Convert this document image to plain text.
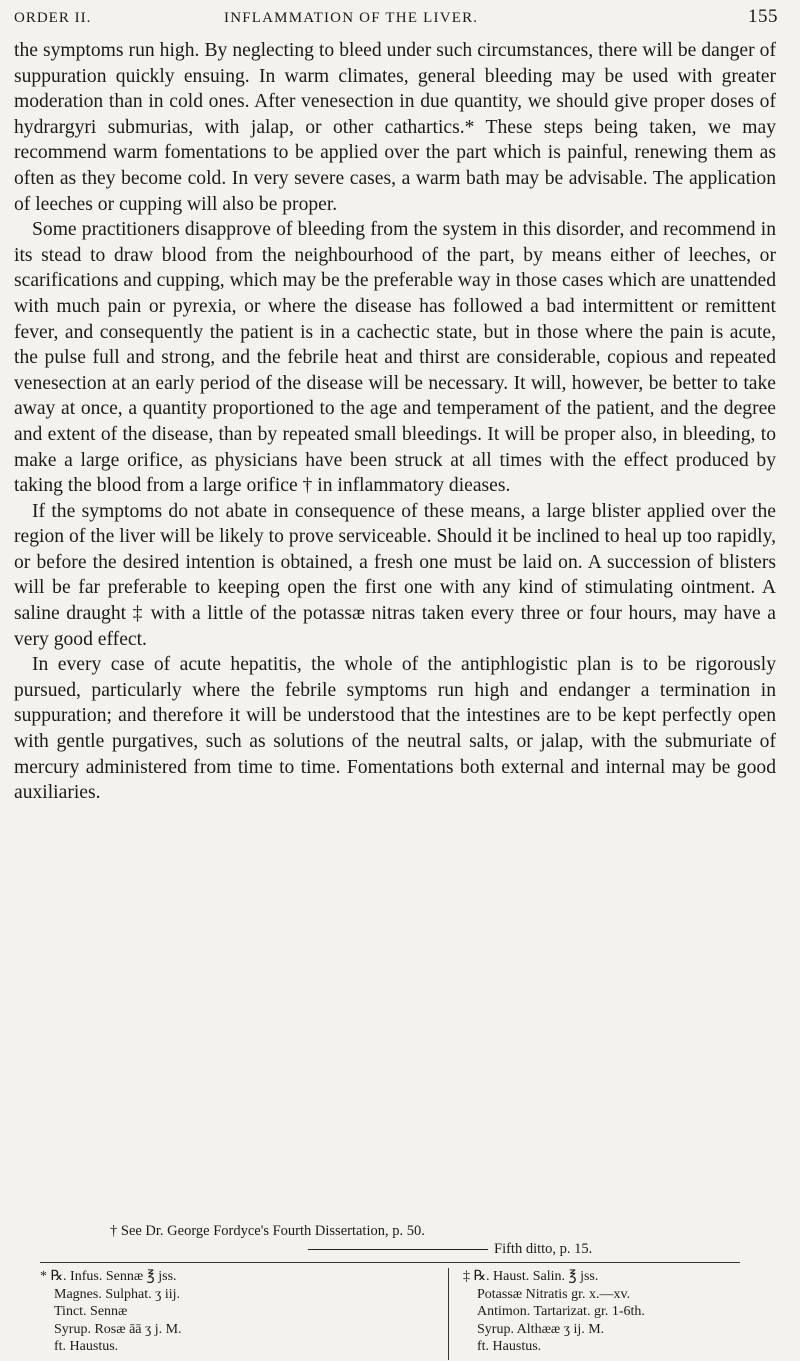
ORDER II.	INFLAMMATION OF THE LIVER.	155

the symptoms run high. By neglecting to bleed under such circumstances, there will be danger of suppuration quickly ensuing. In warm climates, general bleeding may be used with greater moderation than in cold ones. After venesection in due quantity, we should give proper doses of hydrargyri submurias, with jalap, or other cathartics.* These steps being taken, we may recommend warm fomentations to be applied over the part which is painful, renewing them as often as they become cold. In very severe cases, a warm bath may be advisable. The application of leeches or cupping will also be proper.

Some practitioners disapprove of bleeding from the system in this disorder, and recommend in its stead to draw blood from the neighbourhood of the part, by means either of leeches, or scarifications and cupping, which may be the preferable way in those cases which are unattended with much pain or pyrexia, or where the disease has followed a bad intermittent or remittent fever, and consequently the patient is in a cachectic state, but in those where the pain is acute, the pulse full and strong, and the febrile heat and thirst are considerable, copious and repeated venesection at an early period of the disease will be necessary. It will, however, be better to take away at once, a quantity proportioned to the age and temperament of the patient, and the degree and extent of the disease, than by repeated small bleedings. It will be proper also, in bleeding, to make a large orifice, as physicians have been struck at all times with the effect produced by taking the blood from a large orifice † in inflammatory dieases.

If the symptoms do not abate in consequence of these means, a large blister applied over the region of the liver will be likely to prove serviceable. Should it be inclined to heal up too rapidly, or before the desired intention is obtained, a fresh one must be laid on. A succession of blisters will be far preferable to keeping open the first one with any kind of stimulating ointment. A saline draught ‡ with a little of the potassæ nitras taken every three or four hours, may have a very good effect.

In every case of acute hepatitis, the whole of the antiphlogistic plan is to be rigorously pursued, particularly where the febrile symptoms run high and endanger a termination in suppuration; and therefore it will be understood that the intestines are to be kept perfectly open with gentle purgatives, such as solutions of the neutral salts, or jalap, with the submuriate of mercury administered from time to time. Fomentations both external and internal may be good auxiliaries.

† See Dr. George Fordyce's Fourth Dissertation, p. 50.

Fifth ditto, p. 15.

* ℞. Infus. Sennæ ℥ jss.
Magnes. Sulphat. ʒ iij.
Tinct. Sennæ
Syrup. Rosæ āā ʒ j. M.
ft. Haustus.
‡ ℞. Haust. Salin. ℥ jss.
Potassæ Nitratis gr. x.—xv.
Antimon. Tartarizat. gr. 1-6th.
Syrup. Althææ ʒ ij. M.
ft. Haustus.
